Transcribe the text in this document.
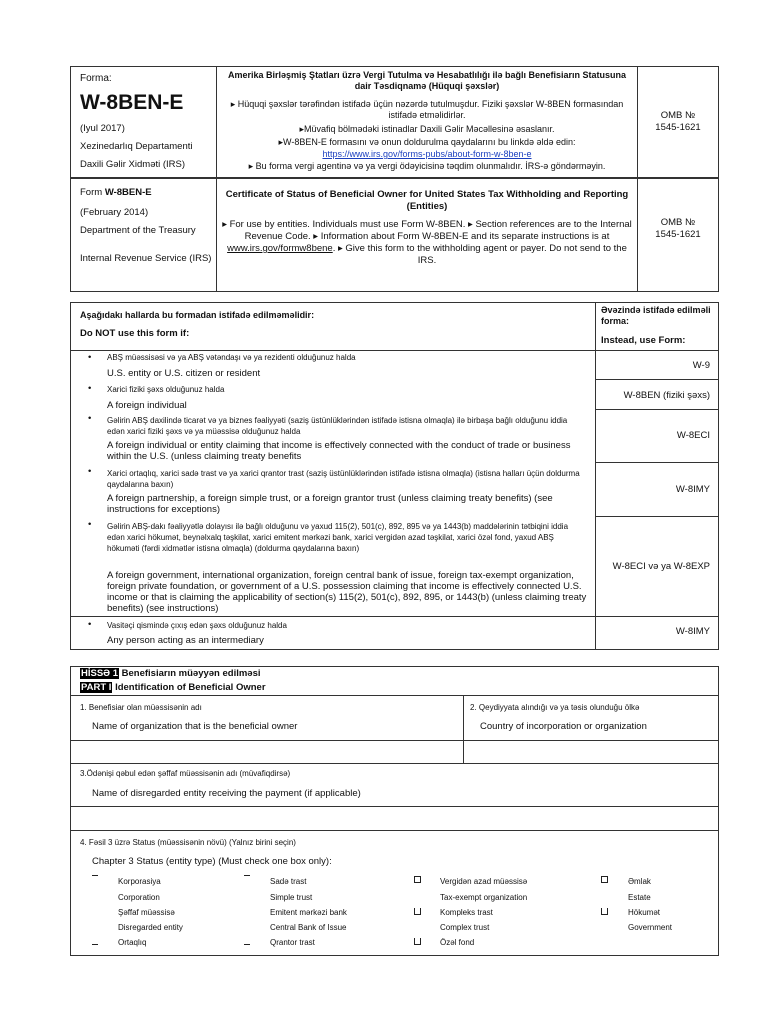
Forma:
W-8BEN-E
(Iyul 2017)
Xezinedarlıq Departamenti
Daxili Gəlir Xidməti (IRS)
Amerika Birləşmiş Ştatları üzrə Vergi Tutulma və Hesabatlılığı ilə bağlı Benefisiarın Statusuna dair Təsdiqnamə (Hüquqi şəxslər)
▸ Hüquqi şəxslər tərəfindən istifadə üçün nəzərdə tutulmuşdur. Fiziki şəxslər W-8BEN formasından istifadə etməlidirlər.
▸Müvafiq bölmədəki istinadlar Daxili Gəlir Məcəllesinə əsaslanır.
▸W-8BEN-E formasını və onun doldurulma qaydalarını bu linkdə əldə edin:
https://www.irs.gov/forms-pubs/about-form-w-8ben-e
▸ Bu forma vergi agentinə və ya vergi ödəyicisinə təqdim olunmalıdır. İRS-ə göndərməyin.
OMB № 1545-1621
Form W-8BEN-E
(February 2014)
Department of the Treasury
Internal Revenue Service (IRS)
Certificate of Status of Beneficial Owner for United States Tax Withholding and Reporting (Entities)
▸ For use by entities. Individuals must use Form W-8BEN. ▸ Section references are to the Internal Revenue Code. ▸ Information about Form W-8BEN-E and its separate instructions is at www.irs.gov/formw8bene. ▸ Give this form to the withholding agent or payer. Do not send to the IRS.
OMB № 1545-1621
Aşağıdakı hallarda bu formadan istifadə edilməməlidir:
Do NOT use this form if:
Əvəzində istifadə edilməli forma:
Instead, use Form:
• ABŞ müəssisəsi və ya ABŞ vətəndaşı və ya rezidenti olduğunuz halda
U.S. entity or U.S. citizen or resident
W-9
• Xarici fiziki şəxs olduğunuz halda
A foreign individual
W-8BEN (fiziki şəxs)
• Gəlirin ABŞ daxilində ticarət və ya biznes fəaliyyəti (saziş üstünlüklərindən istifadə istisna olmaqla) ilə birbaşa bağlı olduğunu iddia edən xarici fiziki şəxs və ya müəssisə olduğunuz halda
A foreign individual or entity claiming that income is effectively connected with the conduct of trade or business within the U.S. (unless claiming treaty benefits
W-8ECI
• Xarici ortaqlıq, xarici sadə trast və ya xarici qrantor trast (saziş üstünlüklərindən istifadə istisna olmaqla) (istisna halları üçün doldurma qaydalarına baxın)
A foreign partnership, a foreign simple trust, or a foreign grantor trust (unless claiming treaty benefits) (see instructions for exceptions)
W-8IMY
• Gəlirin ABŞ-dakı fəaliyyətlə dolayısı ilə bağlı olduğunu və yaxud 115(2), 501(c), 892, 895 və ya 1443(b) maddələrinin tətbiqini iddia edən xarici hökumət, beynəlxalq təşkilat, xarici emitent mərkəzi bank, xarici vergidən azad təşkilat, xarici özəl fond, yaxud ABŞ hökuməti (fərdi xidmətlər istisna olmaqla) (doldurma qaydalarına baxın)
A foreign government, international organization, foreign central bank of issue, foreign tax-exempt organization, foreign private foundation, or government of a U.S. possession claiming that income is effectively connected U.S. income or that is claiming the applicability of section(s) 115(2), 501(c), 892, 895, or 1443(b) (unless claiming treaty benefits) (see instructions)
W-8ECI və ya W-8EXP
• Vasitəçi qismində çıxış edən şəxs olduğunuz halda
Any person acting as an intermediary
W-8IMY
HİSSƏ 1 Benefisiarın müəyyən edilməsi
PART I Identification of Beneficial Owner
1. Benefisiar olan müəssisənin adı
Name of organization that is the beneficial owner
2. Qeydiyyata alındığı və ya təsis olunduğu ölkə
Country of incorporation or organization
3.Ödənişi qəbul edən şəffaf müəssisənin adı (müvafiqdirsə)
Name of disregarded entity receiving the payment (if applicable)
4. Fəsil 3 üzrə Status (müəssisənin növü) (Yalnız birini seçin)
Chapter 3 Status (entity type) (Must check one box only):
Korporasiya
Corporation
Şəffaf müəssisə
Disregarded entity
Ortaqlıq
Sadə trast
Simple trust
Emitent mərkəzi bank
Central Bank of Issue
Qrantor trast
Vergidən azad müəssisə
Tax-exempt organization
Kompleks trast
Complex trust
Özəl fond
Əmlak
Estate
Hökumət
Government
